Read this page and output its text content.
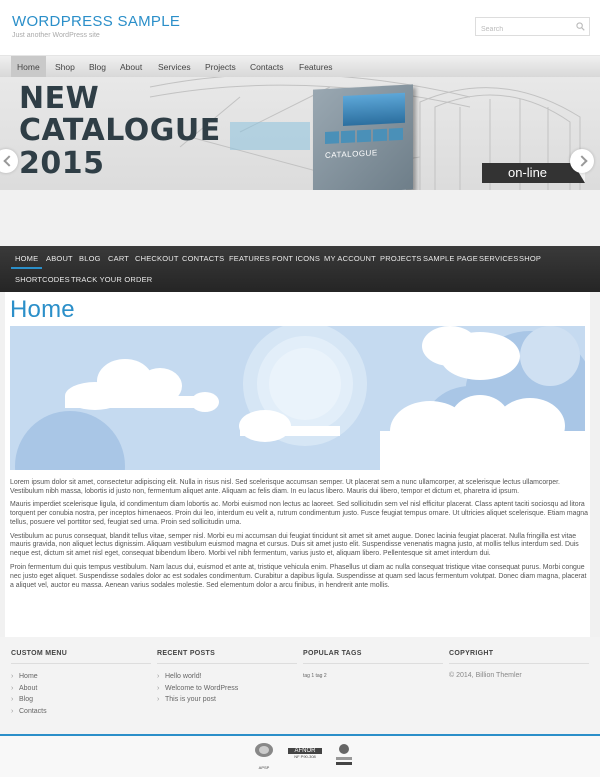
WORDPRESS SAMPLE
Just another WordPress site
Search
Home	Shop	Blog	About	Services	Projects	Contacts	Features
NEW
CATALOGUE
2015	CATALOGUE
on-line
HOME	ABOUT BLOG CART CHECKOUT CONTACTS FEATURES FONT ICONS MY ACCOUNT PROJECTS SAMPLE PAGE SERVICES SHOP
SHORTCODES TRACK YOUR ORDER
Home

Lorem ipsum dolor sit amet, consectetur adipiscing elit. Nulla in risus nisl. Sed scelerisque accumsan semper. Ut placerat sem a nunc ullamcorper, at scelerisque lectus ullamcorper. Vestibulum nibh massa, lobortis id justo non, fermentum aliquet ante. Aliquam ac felis diam. In eu lacus libero. Mauris dui libero, tempor et dictum et, pharetra id ipsum.

Mauris imperdiet scelerisque ligula, id condimentum diam lobortis ac. Morbi euismod non lectus ac laoreet. Sed sollicitudin sem vel nisl efficitur placerat. Class aptent taciti sociosqu ad litora torquent per conubia nostra, per inceptos himenaeos. Proin dui leo, interdum eu velit a, rutrum condimentum justo. Fusce feugiat tempus ornare. Ut ultricies aliquet scelerisque. Etiam magna tellus, posuere vel porttitor sed, feugiat sed urna. Proin sed sollicitudin urna.

Vestibulum ac purus consequat, blandit tellus vitae, semper nisl. Morbi eu mi accumsan dui feugiat tincidunt sit amet sit amet augue. Donec lacinia feugiat placerat. Nulla fringilla est vitae mauris gravida, non aliquet lectus dignissim. Aliquam vestibulum euismod magna et cursus. Duis sit amet justo elit. Suspendisse venenatis magna justo, at mollis tellus interdum sed. Duis neque est, dictum sit amet nisl eget, consequat bibendum libero. Morbi vel nibh fermentum, varius justo et, aliquam libero. Pellentesque sit amet interdum dui.

Proin fermentum dui quis tempus vestibulum. Nam lacus dui, euismod et ante at, tristique vehicula enim. Phasellus ut diam ac nulla consequat tristique vitae consequat purus. Morbi congue nec justo eget aliquet. Suspendisse sodales dolor ac est sodales condimentum. Curabitur a dapibus ligula. Suspendisse at quam sed lacus fermentum volutpat. Donec diam magna, placerat a aliquet vel, auctor eu massa. Aenean varius sodales molestie. Sed elementum dolor a arcu finibus, in hendrerit ante mollis.

CUSTOM MENU
› Home
› About
› Blog
› Contacts
RECENT POSTS
› Hello world!
› Welcome to WordPress
› This is your post
POPULAR TAGS
tag 1 tag 2
COPYRIGHT
© 2014, Billion Themler
APSP
AFNOR
NF P90-308
